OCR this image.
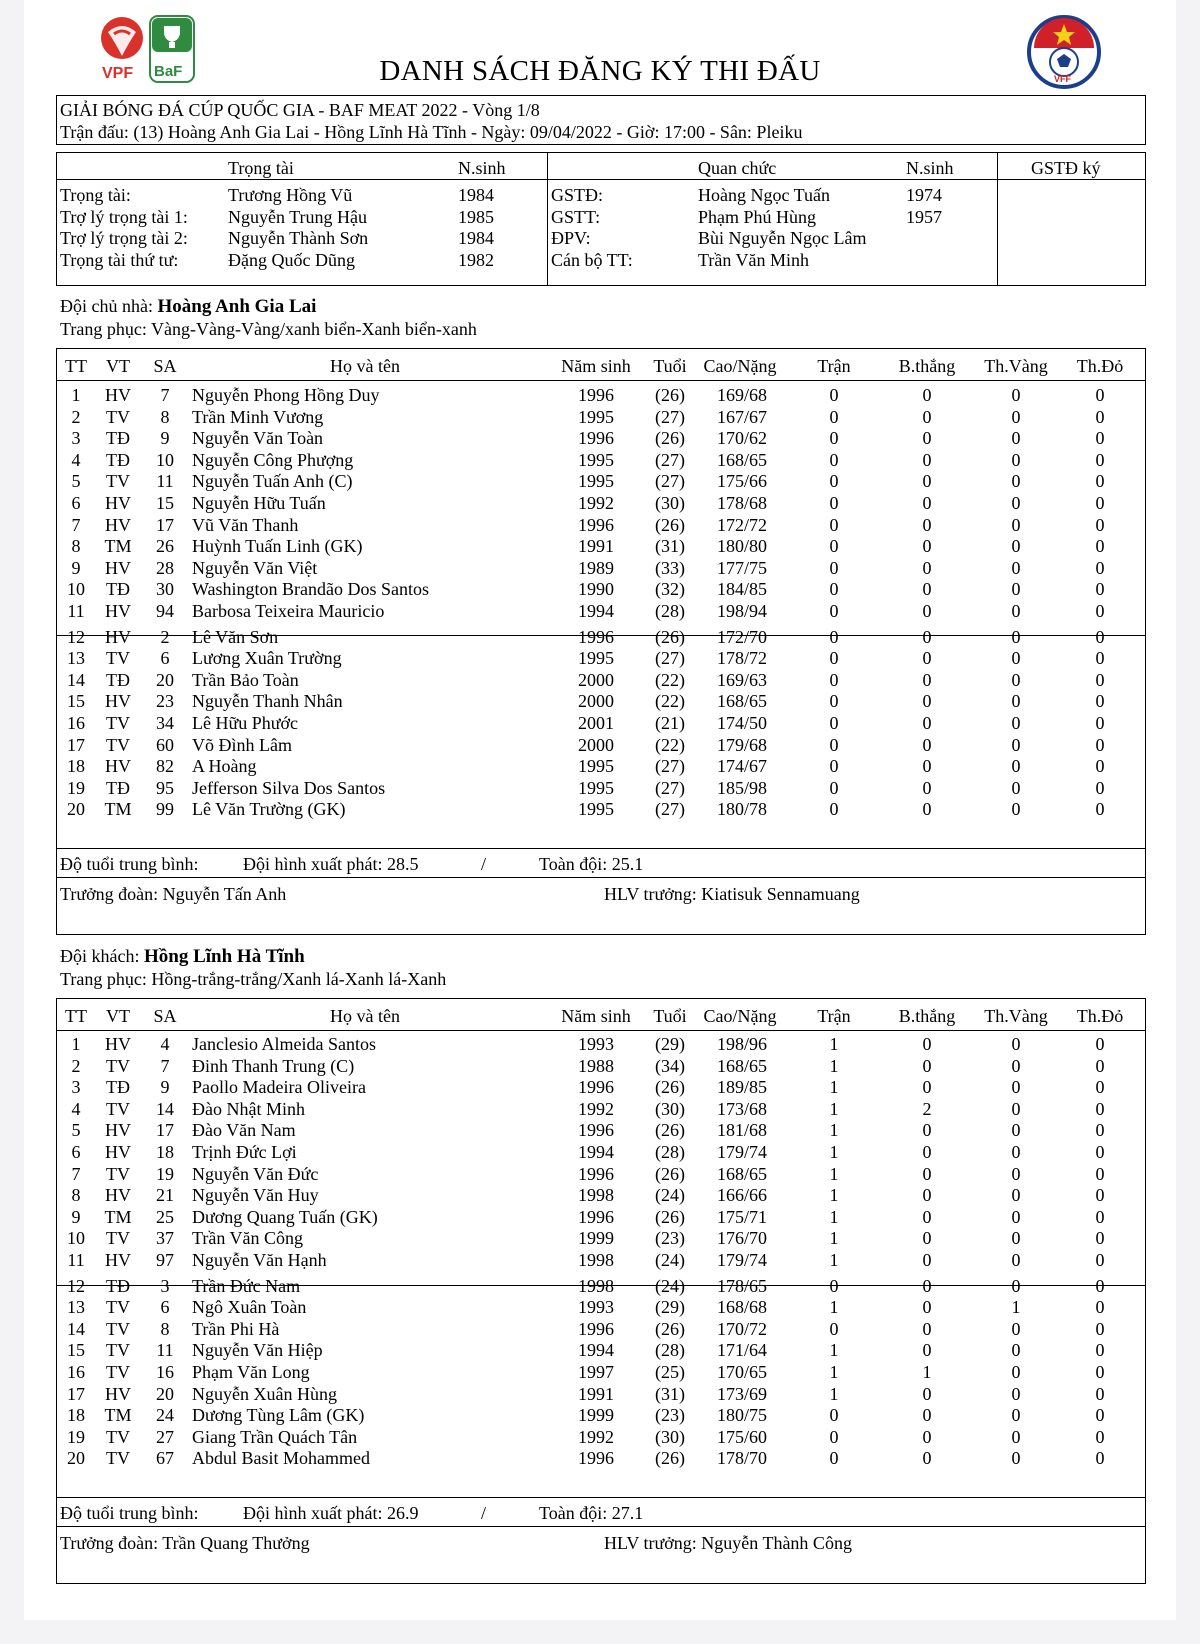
VPF BaF	VFF
DANH SÁCH ĐĂNG KÝ THI ĐẤU
GIẢI BÓNG ĐÁ CÚP QUỐC GIA - BAF MEAT 2022 - Vòng 1/8
Trận đấu: (13) Hoàng Anh Gia Lai - Hồng Lĩnh Hà Tĩnh - Ngày: 09/04/2022 - Giờ: 17:00 - Sân: Pleiku
Trọng tài	N.sinh	Quan chức	N.sinh	GSTĐ ký
Trọng tài:	Trương Hồng Vũ	1984	GSTĐ:	Hoàng Ngọc Tuấn	1974
Trợ lý trọng tài 1: Nguyễn Trung Hậu	1985	GSTT:	Phạm Phú Hùng	1957
Trợ lý trọng tài 2: Nguyễn Thành Sơn	1984	ĐPV:	Bùi Nguyễn Ngọc Lâm
Trọng tài thứ tư:	Đặng Quốc Dũng	1982	Cán bộ TT:	Trần Văn Minh
Đội chủ nhà: Hoàng Anh Gia Lai
Trang phục: Vàng-Vàng-Vàng/xanh biển-Xanh biển-xanh
TT VT SA	Họ và tên	Năm sinh Tuổi Cao/Nặng Trận	B.thắng Th.Vàng Th.Đỏ
1 HV 7 Nguyễn Phong Hồng Duy	1996 (26) 169/68	0	0	0	0
2 TV 8 Trần Minh Vương	1995 (27) 167/67	0	0	0	0
3 TĐ 9 Nguyễn Văn Toàn	1996 (26) 170/62	0	0	0	0
4 TĐ 10 Nguyễn Công Phượng	1995 (27) 168/65	0	0	0	0
5 TV 11 Nguyễn Tuấn Anh (C)	1995 (27) 175/66	0	0	0	0
6 HV 15 Nguyễn Hữu Tuấn	1992 (30) 178/68	0	0	0	0
7 HV 17 Vũ Văn Thanh	1996 (26) 172/72	0	0	0	0
8 TM 26 Huỳnh Tuấn Linh (GK)	1991 (31) 180/80	0	0	0	0
9 HV 28 Nguyễn Văn Việt	1989 (33) 177/75	0	0	0	0
10 TĐ 30 Washington Brandão Dos Santos	1990 (32) 184/85	0	0	0	0
11 HV 94 Barbosa Teixeira Mauricio	1994 (28) 198/94	0	0	0	0
12 HV 2 Lê Văn Sơn	1996 (26) 172/70	0	0	0	0
13 TV 6 Lương Xuân Trường	1995 (27) 178/72	0	0	0	0
14 TĐ 20 Trần Bảo Toàn	2000 (22) 169/63	0	0	0	0
15 HV 23 Nguyễn Thanh Nhân	2000 (22) 168/65	0	0	0	0
16 TV 34 Lê Hữu Phước	2001 (21) 174/50	0	0	0	0
17 TV 60 Võ Đình Lâm	2000 (22) 179/68	0	0	0	0
18 HV 82 A Hoàng	1995 (27) 174/67	0	0	0	0
19 TĐ 95 Jefferson Silva Dos Santos	1995 (27) 185/98	0	0	0	0
20 TM 99 Lê Văn Trường (GK)	1995 (27) 180/78	0	0	0	0
Độ tuổi trung bình: Đội hình xuất phát: 28.5	/	Toàn đội: 25.1
Trưởng đoàn: Nguyễn Tấn Anh	HLV trưởng: Kiatisuk Sennamuang
Đội khách: Hồng Lĩnh Hà Tĩnh
Trang phục: Hồng-trắng-trắng/Xanh lá-Xanh lá-Xanh
TT VT SA	Họ và tên	Năm sinh Tuổi Cao/Nặng Trận	B.thắng Th.Vàng Th.Đỏ
1 HV 4 Janclesio Almeida Santos	1993 (29) 198/96	1	0	0	0
2 TV 7 Đinh Thanh Trung (C)	1988 (34) 168/65	1	0	0	0
3 TĐ 9 Paollo Madeira Oliveira	1996 (26) 189/85	1	0	0	0
4 TV 14 Đào Nhật Minh	1992 (30) 173/68	1	2	0	0
5 HV 17 Đào Văn Nam	1996 (26) 181/68	1	0	0	0
6 HV 18 Trịnh Đức Lợi	1994 (28) 179/74	1	0	0	0
7 TV 19 Nguyễn Văn Đức	1996 (26) 168/65	1	0	0	0
8 HV 21 Nguyễn Văn Huy	1998 (24) 166/66	1	0	0	0
9 TM 25 Dương Quang Tuấn (GK)	1996 (26) 175/71	1	0	0	0
10 TV 37 Trần Văn Công	1999 (23) 176/70	1	0	0	0
11 HV 97 Nguyễn Văn Hạnh	1998 (24) 179/74	1	0	0	0
12 TĐ 3 Trần Đức Nam	1998 (24) 178/65	0	0	0	0
13 TV 6 Ngô Xuân Toàn	1993 (29) 168/68	1	0	1	0
14 TV 8 Trần Phi Hà	1996 (26) 170/72	0	0	0	0
15 TV 11 Nguyễn Văn Hiệp	1994 (28) 171/64	1	0	0	0
16 TV 16 Phạm Văn Long	1997 (25) 170/65	1	1	0	0
17 HV 20 Nguyễn Xuân Hùng	1991 (31) 173/69	1	0	0	0
18 TM 24 Dương Tùng Lâm (GK)	1999 (23) 180/75	0	0	0	0
19 TV 27 Giang Trần Quách Tân	1992 (30) 175/60	0	0	0	0
20 TV 67 Abdul Basit Mohammed	1996 (26) 178/70	0	0	0	0
Độ tuổi trung bình: Đội hình xuất phát: 26.9	/	Toàn đội: 27.1
Trưởng đoàn: Trần Quang Thưởng	HLV trưởng: Nguyễn Thành Công
